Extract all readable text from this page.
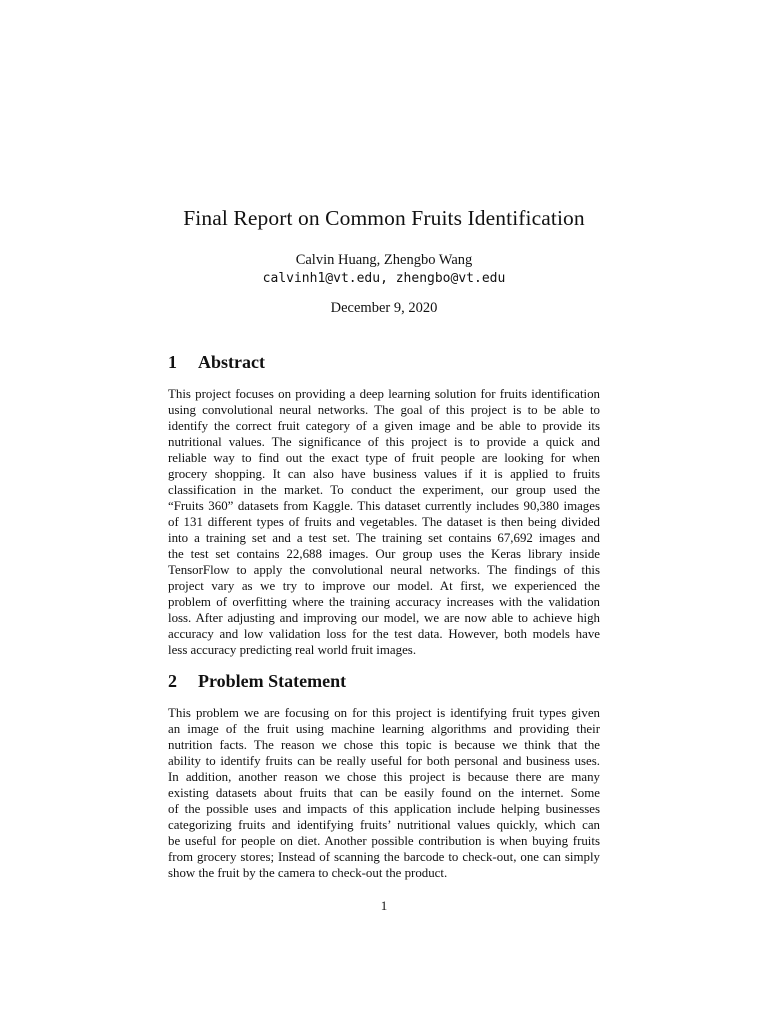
Final Report on Common Fruits Identification
Calvin Huang, Zhengbo Wang
calvinh1@vt.edu, zhengbo@vt.edu
December 9, 2020
1 Abstract
This project focuses on providing a deep learning solution for fruits identification
using convolutional neural networks. The goal of this project is to be able to
identify the correct fruit category of a given image and be able to provide its
nutritional values. The significance of this project is to provide a quick and
reliable way to find out the exact type of fruit people are looking for when
grocery shopping. It can also have business values if it is applied to fruits
classification in the market. To conduct the experiment, our group used the
“Fruits 360” datasets from Kaggle. This dataset currently includes 90,380 images
of 131 different types of fruits and vegetables. The dataset is then being divided
into a training set and a test set. The training set contains 67,692 images and
the test set contains 22,688 images. Our group uses the Keras library inside
TensorFlow to apply the convolutional neural networks. The findings of this
project vary as we try to improve our model. At first, we experienced the
problem of overfitting where the training accuracy increases with the validation
loss. After adjusting and improving our model, we are now able to achieve high
accuracy and low validation loss for the test data. However, both models have
less accuracy predicting real world fruit images.
2 Problem Statement
This problem we are focusing on for this project is identifying fruit types given
an image of the fruit using machine learning algorithms and providing their
nutrition facts. The reason we chose this topic is because we think that the
ability to identify fruits can be really useful for both personal and business uses.
In addition, another reason we chose this project is because there are many
existing datasets about fruits that can be easily found on the internet. Some
of the possible uses and impacts of this application include helping businesses
categorizing fruits and identifying fruits’ nutritional values quickly, which can
be useful for people on diet. Another possible contribution is when buying fruits
from grocery stores; Instead of scanning the barcode to check-out, one can simply
show the fruit by the camera to check-out the product.
1
